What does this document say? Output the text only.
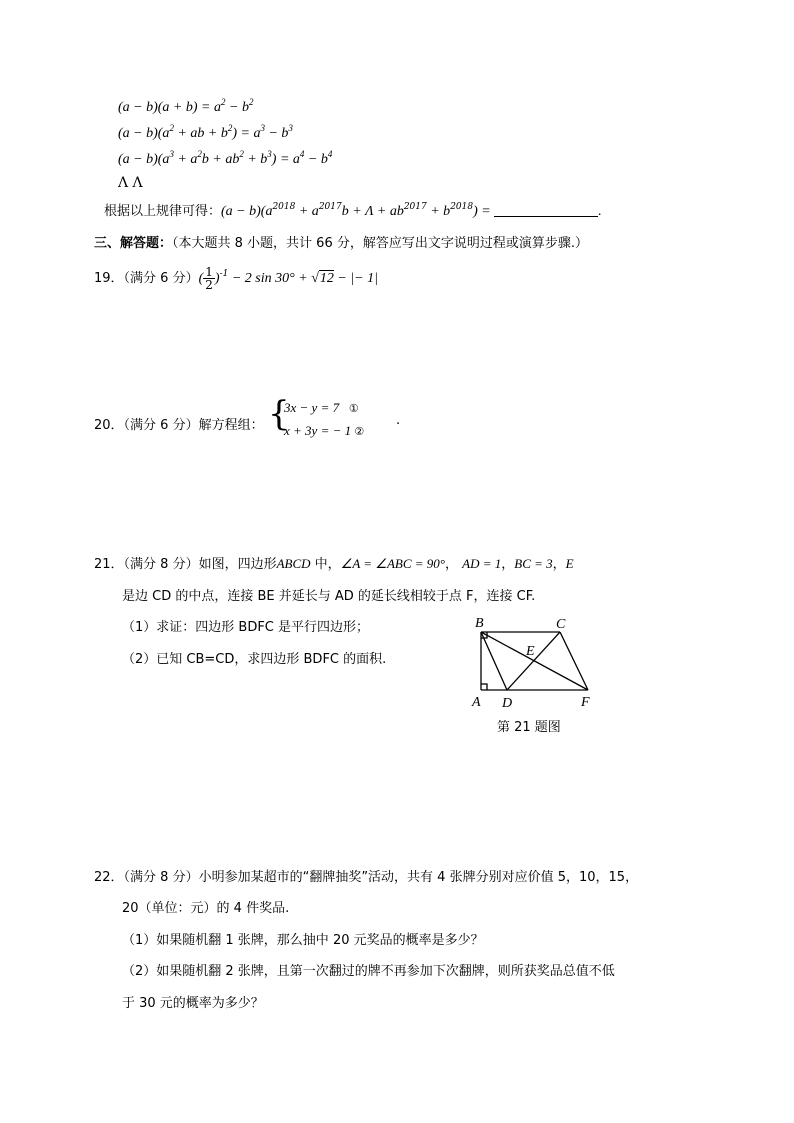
$(a - b)(a + b) = a^2 - b^2$
$(a - b)(a^2$ + ab + $b^2) = a^3 - b^3$
$(a - b)(a^3 + a^2b + ab^2 + b^3) = a^4 - b^4$
Λ Λ
根据以上规律可得：$(a - b)(a^{2018} + a^{2017}b + \Lambda + ab^{2017} + b^{2018})$ =	.
三、解答题：（本大题共 8 小题，共计 66 分，解答应写出文字说明过程或演算步骤.）
19．（满分 6 分）( $\frac{1}{2} )^{-1} - 2$ sin 30° + √12 − |− 1|
20．（满分 6 分）解方程组： {
3x − y = 7 ①
x + 3y = − 1 ②
.
21．（满分 8 分）如图，四边形ABCD 中，∠A = ∠ABC = 90°， AD = 1，BC = 3，E
是边 CD 的中点，连接 BE 并延长与 AD 的延长线相较于点 F，连接 CF.
（1）求证：四边形 BDFC 是平行四边形；
（2）已知 CB=CD，求四边形 BDFC 的面积.
B	C
E
A D	F
第 21 题图
22．（满分 8 分）小明参加某超市的“翻牌抽奖”活动，共有 4 张牌分别对应价值 5，10，15，
20（单位：元）的 4 件奖品.
（1）如果随机翻 1 张牌，那么抽中 20 元奖品的概率是多少？
（2）如果随机翻 2 张牌，且第一次翻过的牌不再参加下次翻牌，则所获奖品总值不低
于 30 元的概率为多少？
